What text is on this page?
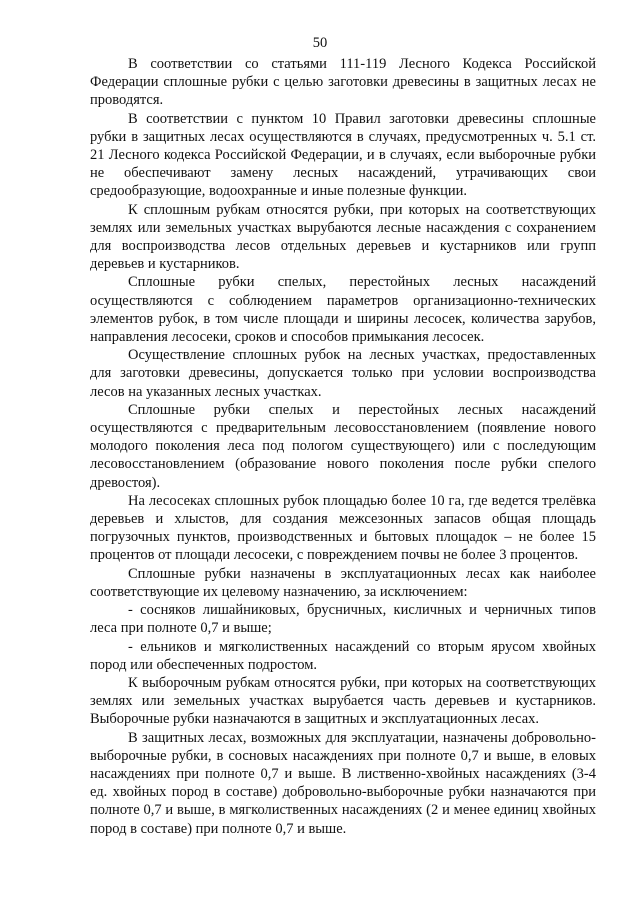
50

В соответствии со статьями 111-119 Лесного Кодекса Российской Федерации сплошные рубки с целью заготовки древесины в защитных лесах не проводятся.

В соответствии с пунктом 10 Правил заготовки древесины сплошные рубки в защитных лесах осуществляются в случаях, предусмотренных ч. 5.1 ст. 21 Лесного кодекса Российской Федерации, и в случаях, если выборочные рубки не обеспечивают замену лесных насаждений, утрачивающих свои средообразующие, водоохранные и иные полезные функции.

К сплошным рубкам относятся рубки, при которых на соответствующих землях или земельных участках вырубаются лесные насаждения с сохранением для воспроизводства лесов отдельных деревьев и кустарников или групп деревьев и кустарников.

Сплошные рубки спелых, перестойных лесных насаждений осуществляются с соблюдением параметров организационно-технических элементов рубок, в том числе площади и ширины лесосек, количества зарубов, направления лесосеки, сроков и способов примыкания лесосек.

Осуществление сплошных рубок на лесных участках, предоставленных для заготовки древесины, допускается только при условии воспроизводства лесов на указанных лесных участках.

Сплошные рубки спелых и перестойных лесных насаждений осуществляются с предварительным лесовосстановлением (появление нового молодого поколения леса под пологом существующего) или с последующим лесовосстановлением (образование нового поколения после рубки спелого древостоя).

На лесосеках сплошных рубок площадью более 10 га, где ведется трелёвка деревьев и хлыстов, для создания межсезонных запасов общая площадь погрузочных пунктов, производственных и бытовых площадок – не более 15 процентов от площади лесосеки, с повреждением почвы не более 3 процентов.

Сплошные рубки назначены в эксплуатационных лесах как наиболее соответствующие их целевому назначению, за исключением:

- сосняков лишайниковых, брусничных, кисличных и черничных типов леса при полноте 0,7 и выше;

- ельников и мягколиственных насаждений со вторым ярусом хвойных пород или обеспеченных подростом.

К выборочным рубкам относятся рубки, при которых на соответствующих землях или земельных участках вырубается часть деревьев и кустарников. Выборочные рубки назначаются в защитных и эксплуатационных лесах.

В защитных лесах, возможных для эксплуатации, назначены добровольно-выборочные рубки, в сосновых насаждениях при полноте 0,7 и выше, в еловых насаждениях при полноте 0,7 и выше. В лиственно-хвойных насаждениях (3-4 ед. хвойных пород в составе) добровольно-выборочные рубки назначаются при полноте 0,7 и выше, в мягколиственных насаждениях (2 и менее единиц хвойных пород в составе) при полноте 0,7 и выше.
